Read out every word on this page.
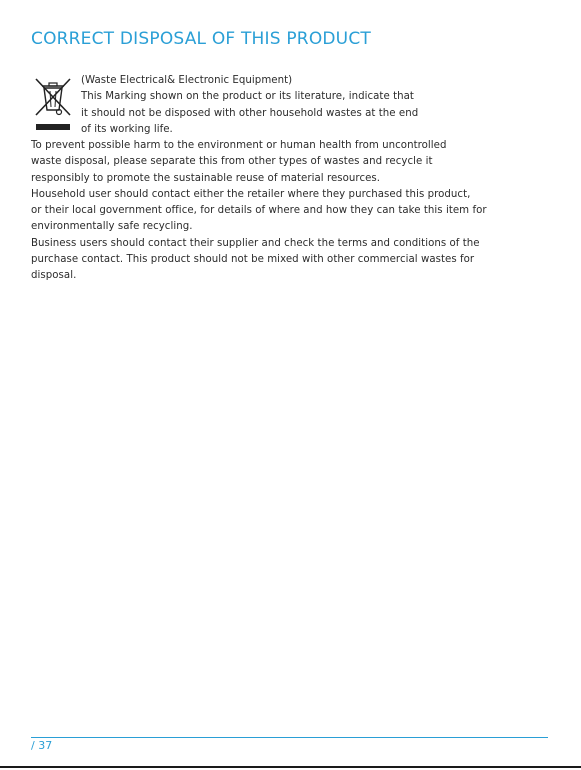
CORRECT DISPOSAL OF THIS PRODUCT
(Waste Electrical& Electronic Equipment)
This Marking shown on the product or its literature, indicate that
it should not be disposed with other household wastes at the end
of its working life.
To prevent possible harm to the environment or human health from uncontrolled
waste disposal, please separate this from other types of wastes and recycle it
responsibly to promote the sustainable reuse of material resources.
Household user should contact either the retailer where they purchased this product,
or their local government office, for details of where and how they can take this item for
environmentally safe recycling.
Business users should contact their supplier and check the terms and conditions of the
purchase contact. This product should not be mixed with other commercial wastes for
disposal.
/ 37
